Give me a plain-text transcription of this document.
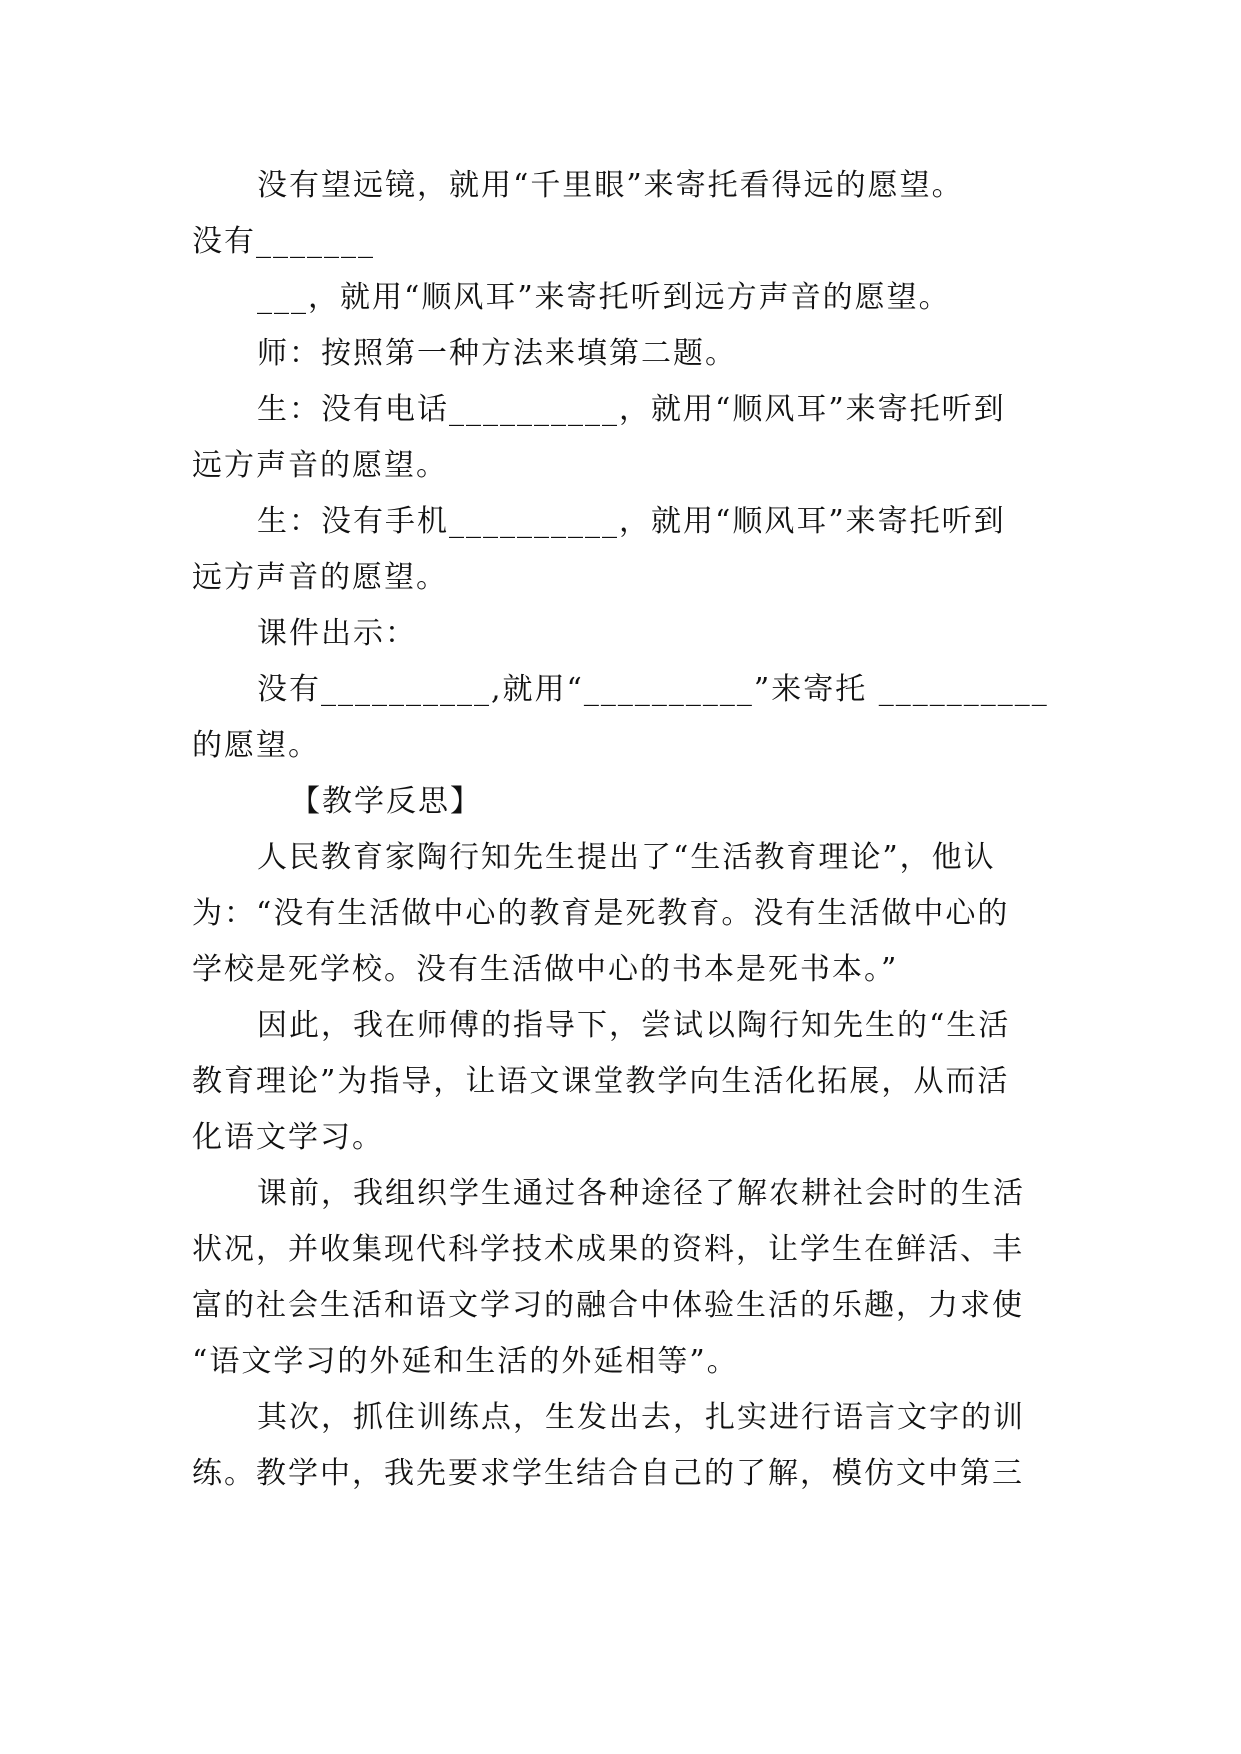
没有望远镜，就用“千里眼”来寄托看得远的愿望。
没有_______
___，就用“顺风耳”来寄托听到远方声音的愿望。
师：按照第一种方法来填第二题。
生：没有电话__________，就用“顺风耳”来寄托听到
远方声音的愿望。
生：没有手机__________，就用“顺风耳”来寄托听到
远方声音的愿望。
课件出示：
没有__________,就用“__________”来寄托 __________
的愿望。
【教学反思】
人民教育家陶行知先生提出了“生活教育理论”，他认
为：“没有生活做中心的教育是死教育。没有生活做中心的
学校是死学校。没有生活做中心的书本是死书本。”
因此，我在师傅的指导下，尝试以陶行知先生的“生活
教育理论”为指导，让语文课堂教学向生活化拓展，从而活
化语文学习。
课前，我组织学生通过各种途径了解农耕社会时的生活
状况，并收集现代科学技术成果的资料，让学生在鲜活、丰
富的社会生活和语文学习的融合中体验生活的乐趣，力求使
“语文学习的外延和生活的外延相等”。
其次，抓住训练点，生发出去，扎实进行语言文字的训
练。教学中，我先要求学生结合自己的了解，模仿文中第三
